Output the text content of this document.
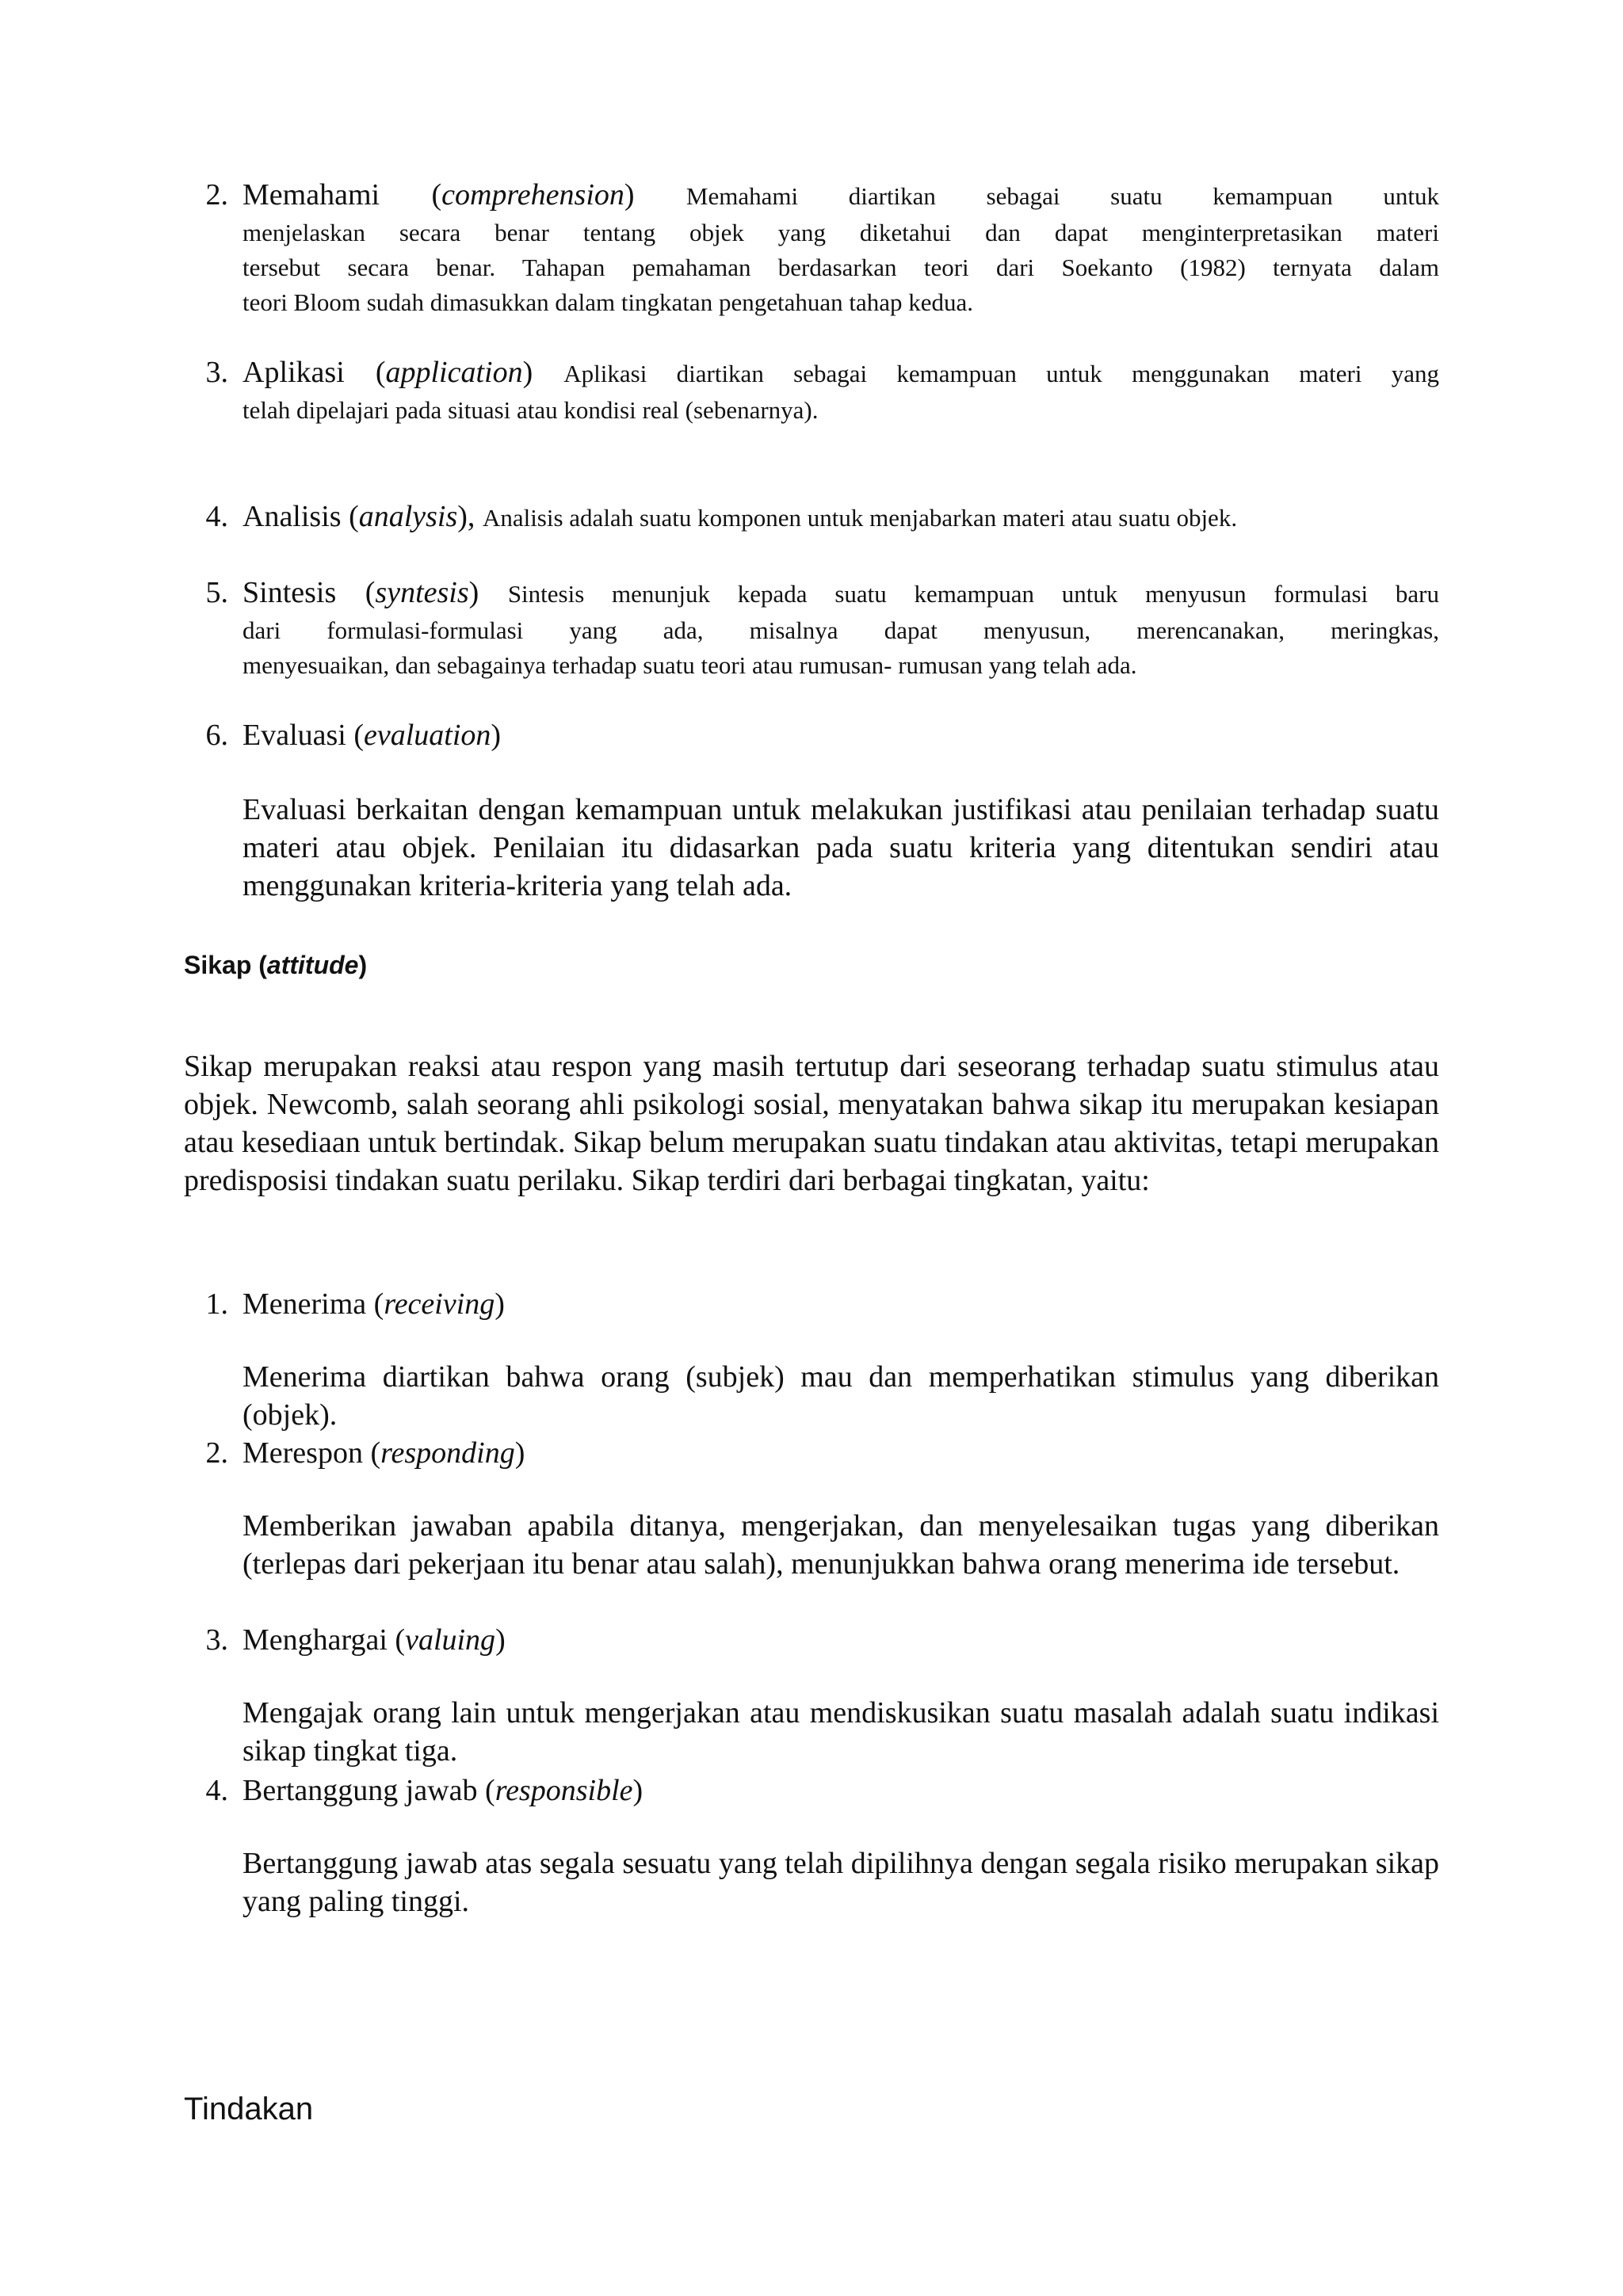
2. Memahami (comprehension) Memahami diartikan sebagai suatu kemampuan untuk
menjelaskan secara benar tentang objek yang diketahui dan dapat menginterpretasikan materi
tersebut secara benar. Tahapan pemahaman berdasarkan teori dari Soekanto (1982) ternyata dalam
teori Bloom sudah dimasukkan dalam tingkatan pengetahuan tahap kedua.
3. Aplikasi (application) Aplikasi diartikan sebagai kemampuan untuk menggunakan materi yang
telah dipelajari pada situasi atau kondisi real (sebenarnya).
4. Analisis (analysis), Analisis adalah suatu komponen untuk menjabarkan materi atau suatu objek.
5. Sintesis (syntesis) Sintesis menunjuk kepada suatu kemampuan untuk menyusun formulasi baru
dari formulasi-formulasi yang ada, misalnya dapat menyusun, merencanakan, meringkas,
menyesuaikan, dan sebagainya terhadap suatu teori atau rumusan- rumusan yang telah ada.
6. Evaluasi (evaluation)
Evaluasi berkaitan dengan kemampuan untuk melakukan justifikasi atau penilaian terhadap suatu materi atau objek. Penilaian itu didasarkan pada suatu kriteria yang ditentukan sendiri atau menggunakan kriteria-kriteria yang telah ada.
Sikap (attitude)
Sikap merupakan reaksi atau respon yang masih tertutup dari seseorang terhadap suatu stimulus atau objek. Newcomb, salah seorang ahli psikologi sosial, menyatakan bahwa sikap itu merupakan kesiapan atau kesediaan untuk bertindak. Sikap belum merupakan suatu tindakan atau aktivitas, tetapi merupakan predisposisi tindakan suatu perilaku. Sikap terdiri dari berbagai tingkatan, yaitu:
1. Menerima (receiving)
Menerima diartikan bahwa orang (subjek) mau dan memperhatikan stimulus yang diberikan (objek).
2. Merespon (responding)
Memberikan jawaban apabila ditanya, mengerjakan, dan menyelesaikan tugas yang diberikan (terlepas dari pekerjaan itu benar atau salah), menunjukkan bahwa orang menerima ide tersebut.
3. Menghargai (valuing)
Mengajak orang lain untuk mengerjakan atau mendiskusikan suatu masalah adalah suatu indikasi sikap tingkat tiga.
4. Bertanggung jawab (responsible)
Bertanggung jawab atas segala sesuatu yang telah dipilihnya dengan segala risiko merupakan sikap yang paling tinggi.
Tindakan
